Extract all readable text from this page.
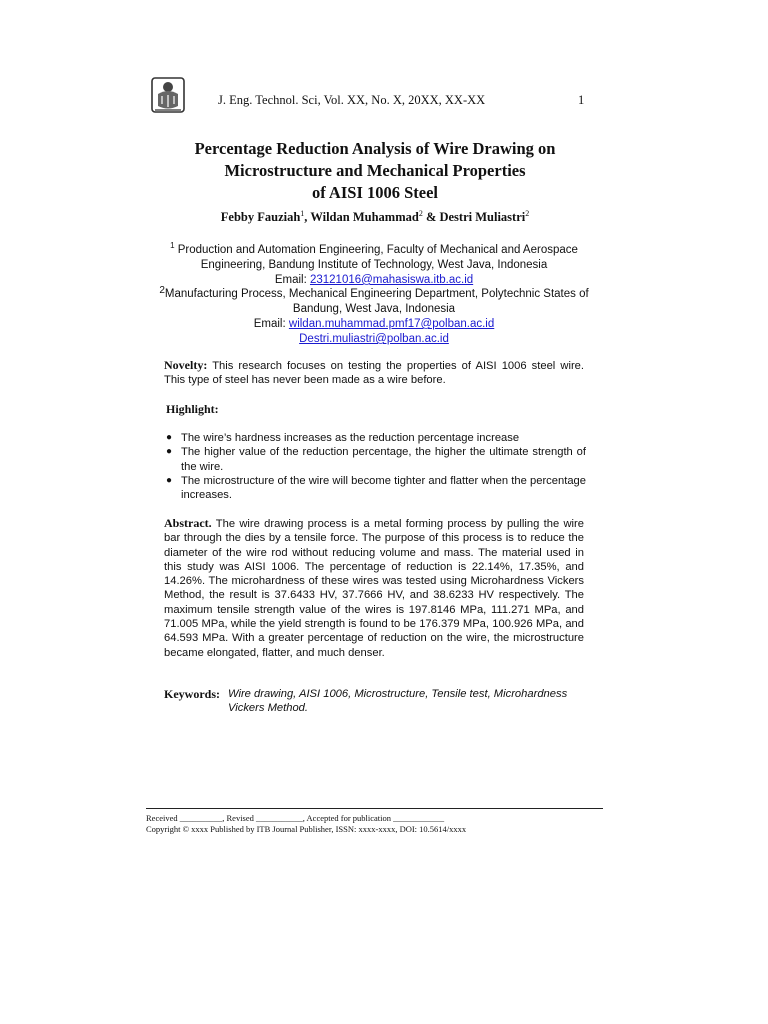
J. Eng. Technol. Sci, Vol. XX, No. X, 20XX, XX-XX	1
Percentage Reduction Analysis of Wire Drawing on
Microstructure and Mechanical Properties
of AISI 1006 Steel
Febby Fauziah$^1$, Wildan Muhammad$^2$ & Destri Muliastri$^2$
$^1$ Production and Automation Engineering, Faculty of Mechanical and Aerospace
Engineering, Bandung Institute of Technology, West Java, Indonesia
Email: 23121016@mahasiswa.itb.ac.id
2Manufacturing Process, Mechanical Engineering Department, Polytechnic States of
Bandung, West Java, Indonesia
Email: wildan.muhammad.pmf17@polban.ac.id
Destri.muliastri@polban.ac.id
Novelty: This research focuses on testing the properties of AISI 1006 steel wire. This type of steel has never been made as a wire before.
Highlight:
● The wire’s hardness increases as the reduction percentage increase
● The higher value of the reduction percentage, the higher the ultimate strength of the wire.
● The microstructure of the wire will become tighter and flatter when the percentage increases.
Abstract. The wire drawing process is a metal forming process by pulling the wire bar through the dies by a tensile force. The purpose of this process is to reduce the diameter of the wire rod without reducing volume and mass. The material used in this study was AISI 1006. The percentage of reduction is 22.14%, 17.35%, and 14.26%. The microhardness of these wires was tested using Microhardness Vickers Method, the result is 37.6433 HV, 37.7666 HV, and 38.6233 HV respectively. The maximum tensile strength value of the wires is 197.8146 MPa, 111.271 MPa, and 71.005 MPa, while the yield strength is found to be 176.379 MPa, 100.926 MPa, and 64.593 MPa. With a greater percentage of reduction on the wire, the microstructure became elongated, flatter, and much denser.
Keywords: Wire drawing, AISI 1006, Microstructure, Tensile test, Microhardness Vickers Method.
Received __________, Revised ___________, Accepted for publication ____________
Copyright © xxxx Published by ITB Journal Publisher, ISSN: xxxx-xxxx, DOI: 10.5614/xxxx
